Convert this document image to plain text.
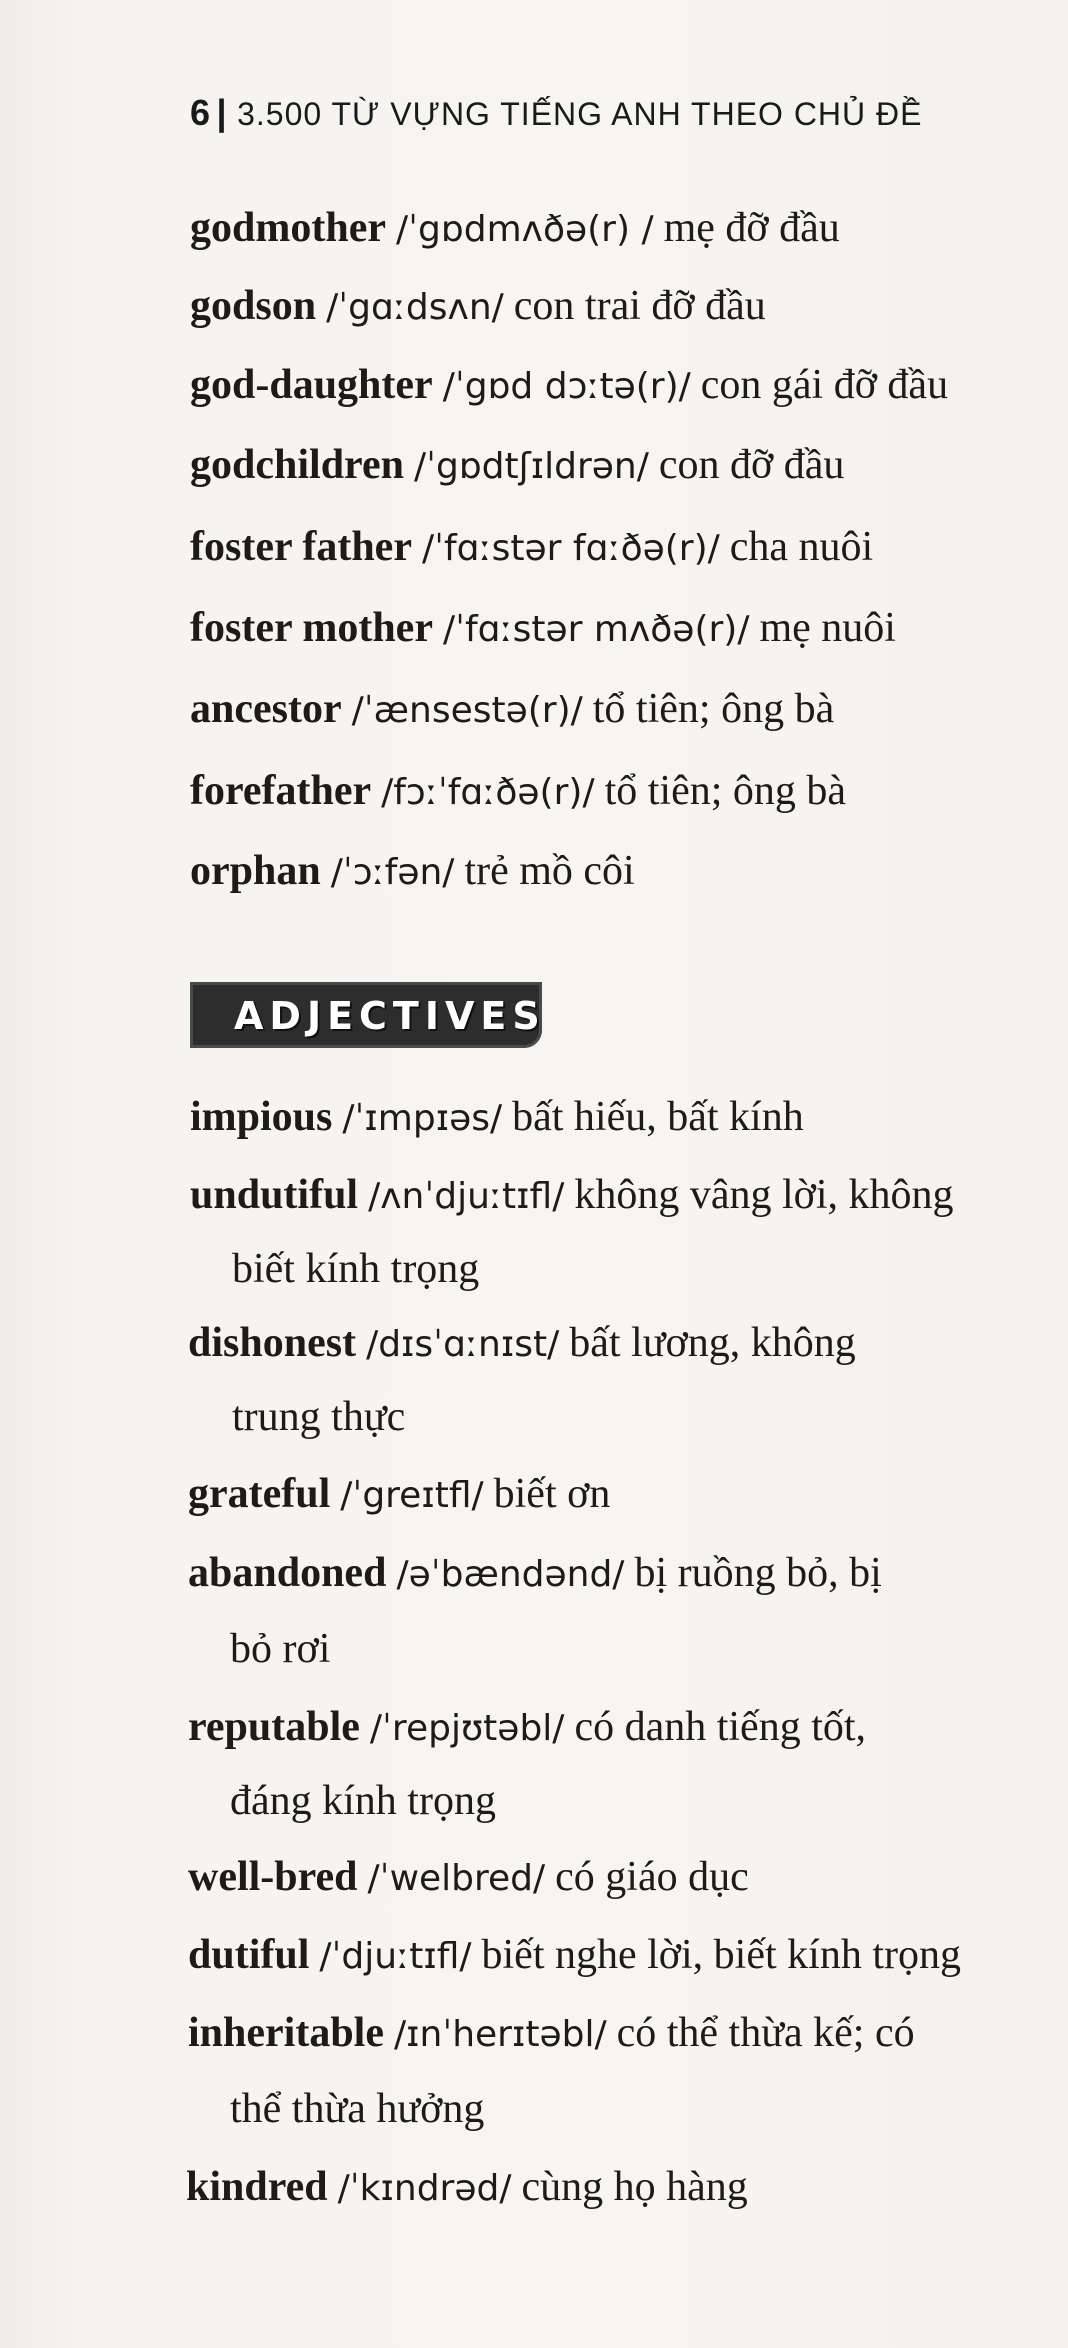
6 | 3.500 TỪ VỰNG TIẾNG ANH THEO CHỦ ĐỀ
godmother /ˈgɒdmʌðə(r) / mẹ đỡ đầu
godson /ˈgɑːdsʌn/ con trai đỡ đầu
god-daughter /ˈgɒd dɔːtə(r)/ con gái đỡ đầu
godchildren /ˈgɒdtʃɪldrən/ con đỡ đầu
foster father /ˈfɑːstər fɑːðə(r)/ cha nuôi
foster mother /ˈfɑːstər mʌðə(r)/ mẹ nuôi
ancestor /ˈænsestə(r)/ tổ tiên; ông bà
forefather /fɔːˈfɑːðə(r)/ tổ tiên; ông bà
orphan /ˈɔːfən/ trẻ mồ côi
ADJECTIVES
impious /ˈɪmpɪəs/ bất hiếu, bất kính
undutiful /ʌnˈdjuːtɪfl/ không vâng lời, không
biết kính trọng
dishonest /dɪsˈɑːnɪst/ bất lương, không
trung thực
grateful /ˈgreɪtfl/ biết ơn
abandoned /əˈbændənd/ bị ruồng bỏ, bị
bỏ rơi
reputable /ˈrepjʊtəbl/ có danh tiếng tốt,
đáng kính trọng
well-bred /ˈwelbred/ có giáo dục
dutiful /ˈdjuːtɪfl/ biết nghe lời, biết kính trọng
inheritable /ɪnˈherɪtəbl/ có thể thừa kế; có
thể thừa hưởng
kindred /ˈkɪndrəd/ cùng họ hàng
